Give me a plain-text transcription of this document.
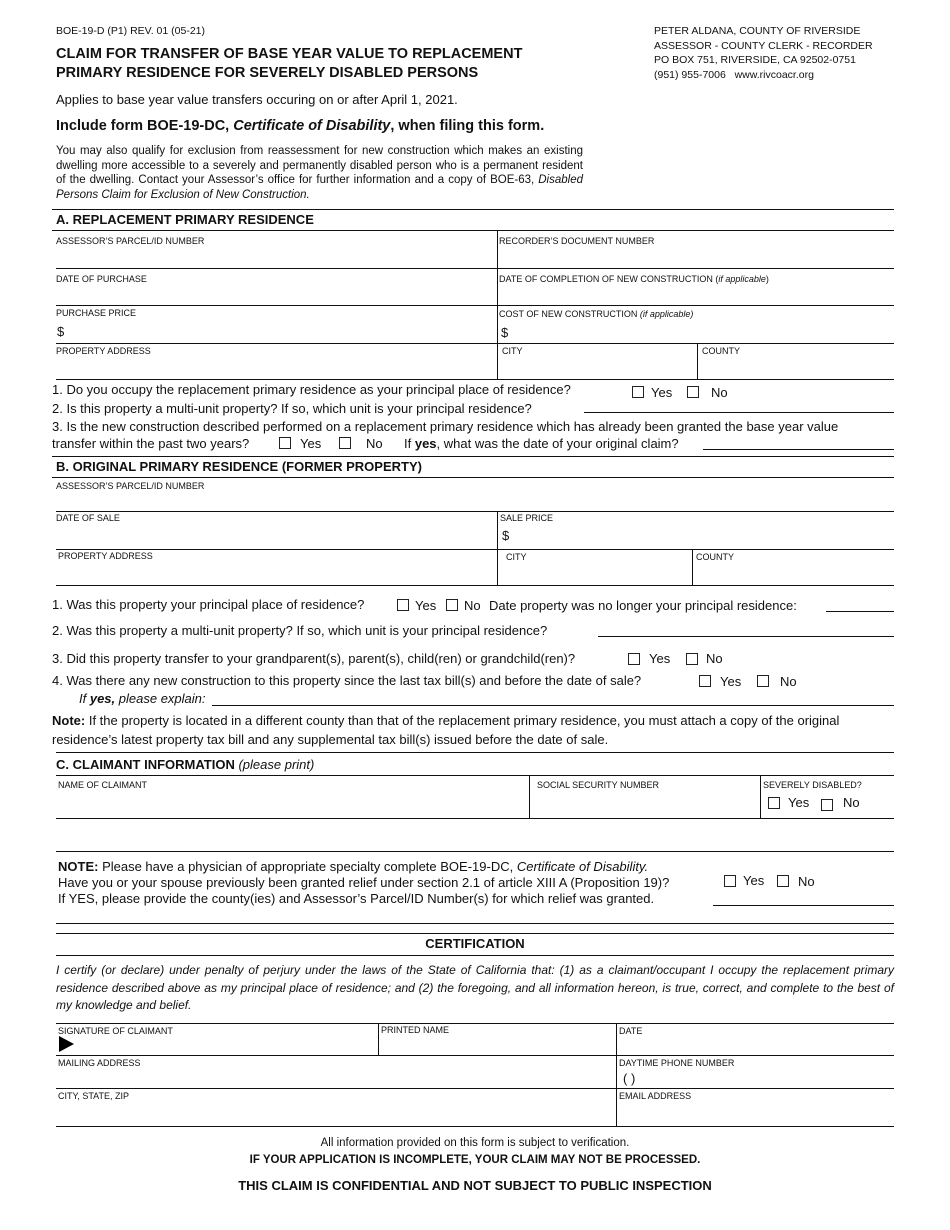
BOE-19-D (P1) REV. 01 (05-21)
CLAIM FOR TRANSFER OF BASE YEAR VALUE TO REPLACEMENT
PRIMARY RESIDENCE FOR SEVERELY DISABLED PERSONS
PETER ALDANA, COUNTY OF RIVERSIDE
ASSESSOR - COUNTY CLERK - RECORDER
PO BOX 751, RIVERSIDE, CA 92502-0751
(951) 955-7006 www.rivcoacr.org
Applies to base year value transfers occuring on or after April 1, 2021.
Include form BOE-19-DC, Certificate of Disability, when filing this form.
You may also qualify for exclusion from reassessment for new construction which makes an existing dwelling more accessible to a severely and permanently disabled person who is a permanent resident of the dwelling. Contact your Assessor’s office for further information and a copy of BOE-63, Disabled Persons Claim for Exclusion of New Construction.
A. REPLACEMENT PRIMARY RESIDENCE
ASSESSOR’S PARCEL/ID NUMBER	RECORDER’S DOCUMENT NUMBER
DATE OF PURCHASE	DATE OF COMPLETION OF NEW CONSTRUCTION (if applicable)
PURCHASE PRICE	COST OF NEW CONSTRUCTION (if applicable)
$	$
PROPERTY ADDRESS	CITY	COUNTY
1. Do you occupy the replacement primary residence as your principal place of residence?	Yes	No
2. Is this property a multi-unit property? If so, which unit is your principal residence?
3. Is the new construction described performed on a replacement primary residence which has already been granted the base year value
transfer within the past two years?	Yes	No If yes, what was the date of your original claim?
B. ORIGINAL PRIMARY RESIDENCE (FORMER PROPERTY)
ASSESSOR’S PARCEL/ID NUMBER
DATE OF SALE	SALE PRICE
$
PROPERTY ADDRESS	CITY	COUNTY
1. Was this property your principal place of residence?	Yes No Date property was no longer your principal residence:
2. Was this property a multi-unit property? If so, which unit is your principal residence?
3. Did this property transfer to your grandparent(s), parent(s), child(ren) or grandchild(ren)?	Yes	No
4. Was there any new construction to this property since the last tax bill(s) and before the date of sale?	Yes	No
If yes, please explain:
Note: If the property is located in a different county than that of the replacement primary residence, you must attach a copy of the original
residence’s latest property tax bill and any supplemental tax bill(s) issued before the date of sale.
C. CLAIMANT INFORMATION (please print)
NAME OF CLAIMANT	SOCIAL SECURITY NUMBER	SEVERELY DISABLED?
Yes	No
NOTE: Please have a physician of appropriate specialty complete BOE-19-DC, Certificate of Disability.
Have you or your spouse previously been granted relief under section 2.1 of article XIII A (Proposition 19)?	Yes	No
If YES, please provide the county(ies) and Assessor’s Parcel/ID Number(s) for which relief was granted.
CERTIFICATION
I certify (or declare) under penalty of perjury under the laws of the State of California that: (1) as a claimant/occupant I occupy the replacement primary residence described above as my principal place of residence; and (2) the foregoing, and all information hereon, is true, correct, and complete to the best of my knowledge and belief.
SIGNATURE OF CLAIMANT	PRINTED NAME	DATE
MAILING ADDRESS	DAYTIME PHONE NUMBER
( )
CITY, STATE, ZIP	EMAIL ADDRESS
All information provided on this form is subject to verification.
IF YOUR APPLICATION IS INCOMPLETE, YOUR CLAIM MAY NOT BE PROCESSED.
THIS CLAIM IS CONFIDENTIAL AND NOT SUBJECT TO PUBLIC INSPECTION
